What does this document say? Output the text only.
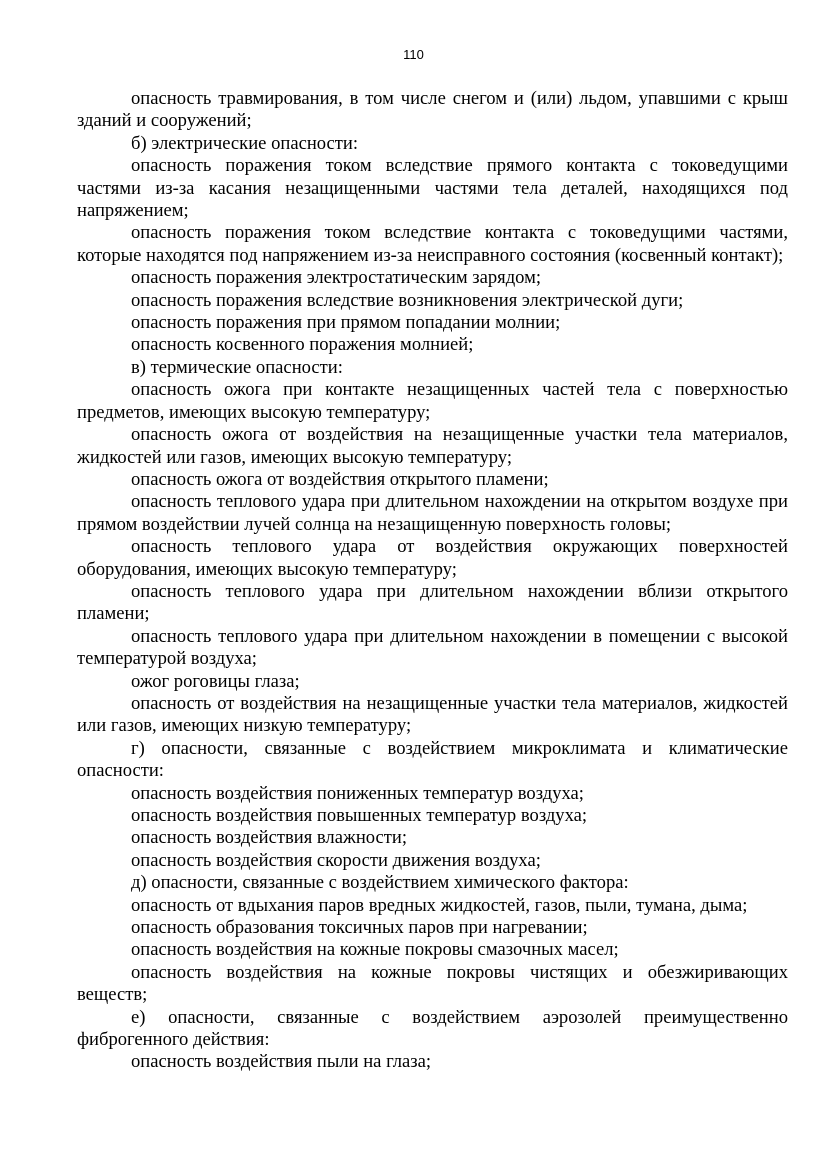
110

опасность травмирования, в том числе снегом и (или) льдом, упавшими с крыш зданий и сооружений;

б) электрические опасности:

опасность поражения током вследствие прямого контакта с токоведущими частями из-за касания незащищенными частями тела деталей, находящихся под напряжением;

опасность поражения током вследствие контакта с токоведущими частями, которые находятся под напряжением из-за неисправного состояния (косвенный контакт);

опасность поражения электростатическим зарядом;

опасность поражения вследствие возникновения электрической дуги;

опасность поражения при прямом попадании молнии;

опасность косвенного поражения молнией;

в) термические опасности:

опасность ожога при контакте незащищенных частей тела с поверхностью предметов, имеющих высокую температуру;

опасность ожога от воздействия на незащищенные участки тела материалов, жидкостей или газов, имеющих высокую температуру;

опасность ожога от воздействия открытого пламени;

опасность теплового удара при длительном нахождении на открытом воздухе при прямом воздействии лучей солнца на незащищенную поверхность головы;

опасность теплового удара от воздействия окружающих поверхностей оборудования, имеющих высокую температуру;

опасность теплового удара при длительном нахождении вблизи открытого пламени;

опасность теплового удара при длительном нахождении в помещении с высокой температурой воздуха;

ожог роговицы глаза;

опасность от воздействия на незащищенные участки тела материалов, жидкостей или газов, имеющих низкую температуру;

г) опасности, связанные с воздействием микроклимата и климатические опасности:

опасность воздействия пониженных температур воздуха;

опасность воздействия повышенных температур воздуха;

опасность воздействия влажности;

опасность воздействия скорости движения воздуха;

д) опасности, связанные с воздействием химического фактора:

опасность от вдыхания паров вредных жидкостей, газов, пыли, тумана, дыма;

опасность образования токсичных паров при нагревании;

опасность воздействия на кожные покровы смазочных масел;

опасность воздействия на кожные покровы чистящих и обезжиривающих веществ;

е) опасности, связанные с воздействием аэрозолей преимущественно фиброгенного действия:

опасность воздействия пыли на глаза;
